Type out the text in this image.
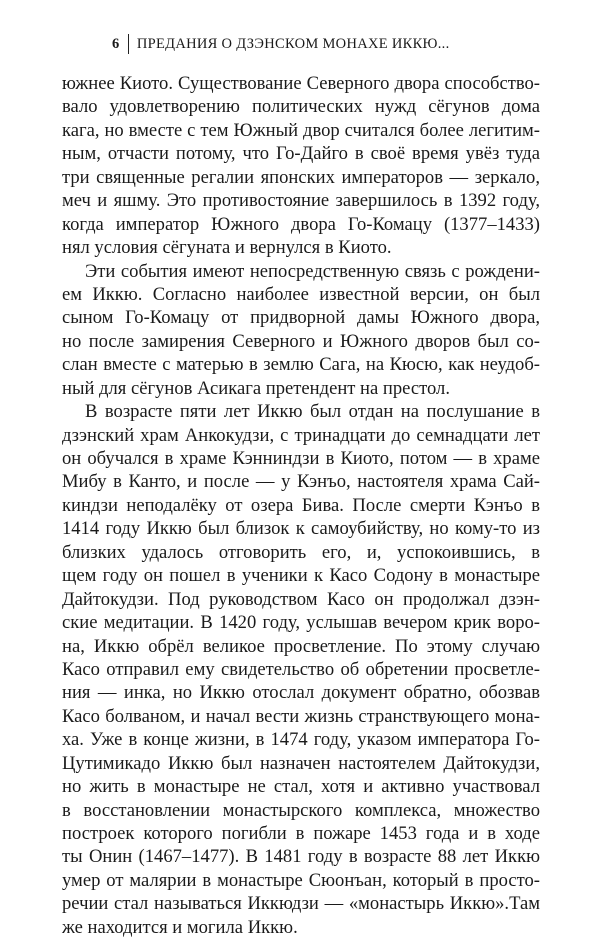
6 ПРЕДАНИЯ О ДЗЭНСКОМ МОНАХЕ ИККЮ...
южнее Киото. Существование Северного двора способство-
вало удовлетворению политических нужд сёгунов дома
кага, но вместе с тем Южный двор считался более легитим-
ным, отчасти потому, что Го-Дайго в своё время увёз туда
три священные регалии японских императоров — зеркало,
меч и яшму. Это противостояние завершилось в 1392 году,
когда император Южного двора Го-Комацу (1377–1433)
нял условия сёгуната и вернулся в Киото.
Эти события имеют непосредственную связь с рождени-
ем Иккю. Согласно наиболее известной версии, он был
сыном Го-Комацу от придворной дамы Южного двора,
но после замирения Северного и Южного дворов был со-
слан вместе с матерью в землю Сага, на Кюсю, как неудоб-
ный для сёгунов Асикага претендент на престол.
В возрасте пяти лет Иккю был отдан на послушание в
дзэнский храм Анкокудзи, с тринадцати до семнадцати лет
он обучался в храме Кэнниндзи в Киото, потом — в храме
Мибу в Канто, и после — у Кэнъо, настоятеля храма Сай-
киндзи неподалёку от озера Бива. После смерти Кэнъо в
1414 году Иккю был близок к самоубийству, но кому-то из
близких удалось отговорить его, и, успокоившись, в
щем году он пошел в ученики к Касо Содону в монастыре
Дайтокудзи. Под руководством Касо он продолжал дзэн-
ские медитации. В 1420 году, услышав вечером крик воро-
на, Иккю обрёл великое просветление. По этому случаю
Касо отправил ему свидетельство об обретении просветле-
ния — инка, но Иккю отослал документ обратно, обозвав
Касо болваном, и начал вести жизнь странствующего мона-
ха. Уже в конце жизни, в 1474 году, указом императора Го-
Цутимикадо Иккю был назначен настоятелем Дайтокудзи,
но жить в монастыре не стал, хотя и активно участвовал
в восстановлении монастырского комплекса, множество
построек которого погибли в пожаре 1453 года и в ходе
ты Онин (1467–1477). В 1481 году в возрасте 88 лет Иккю
умер от малярии в монастыре Сюонъан, который в просто-
речии стал называться Иккюдзи — «монастырь Иккю».Там
же находится и могила Иккю.
